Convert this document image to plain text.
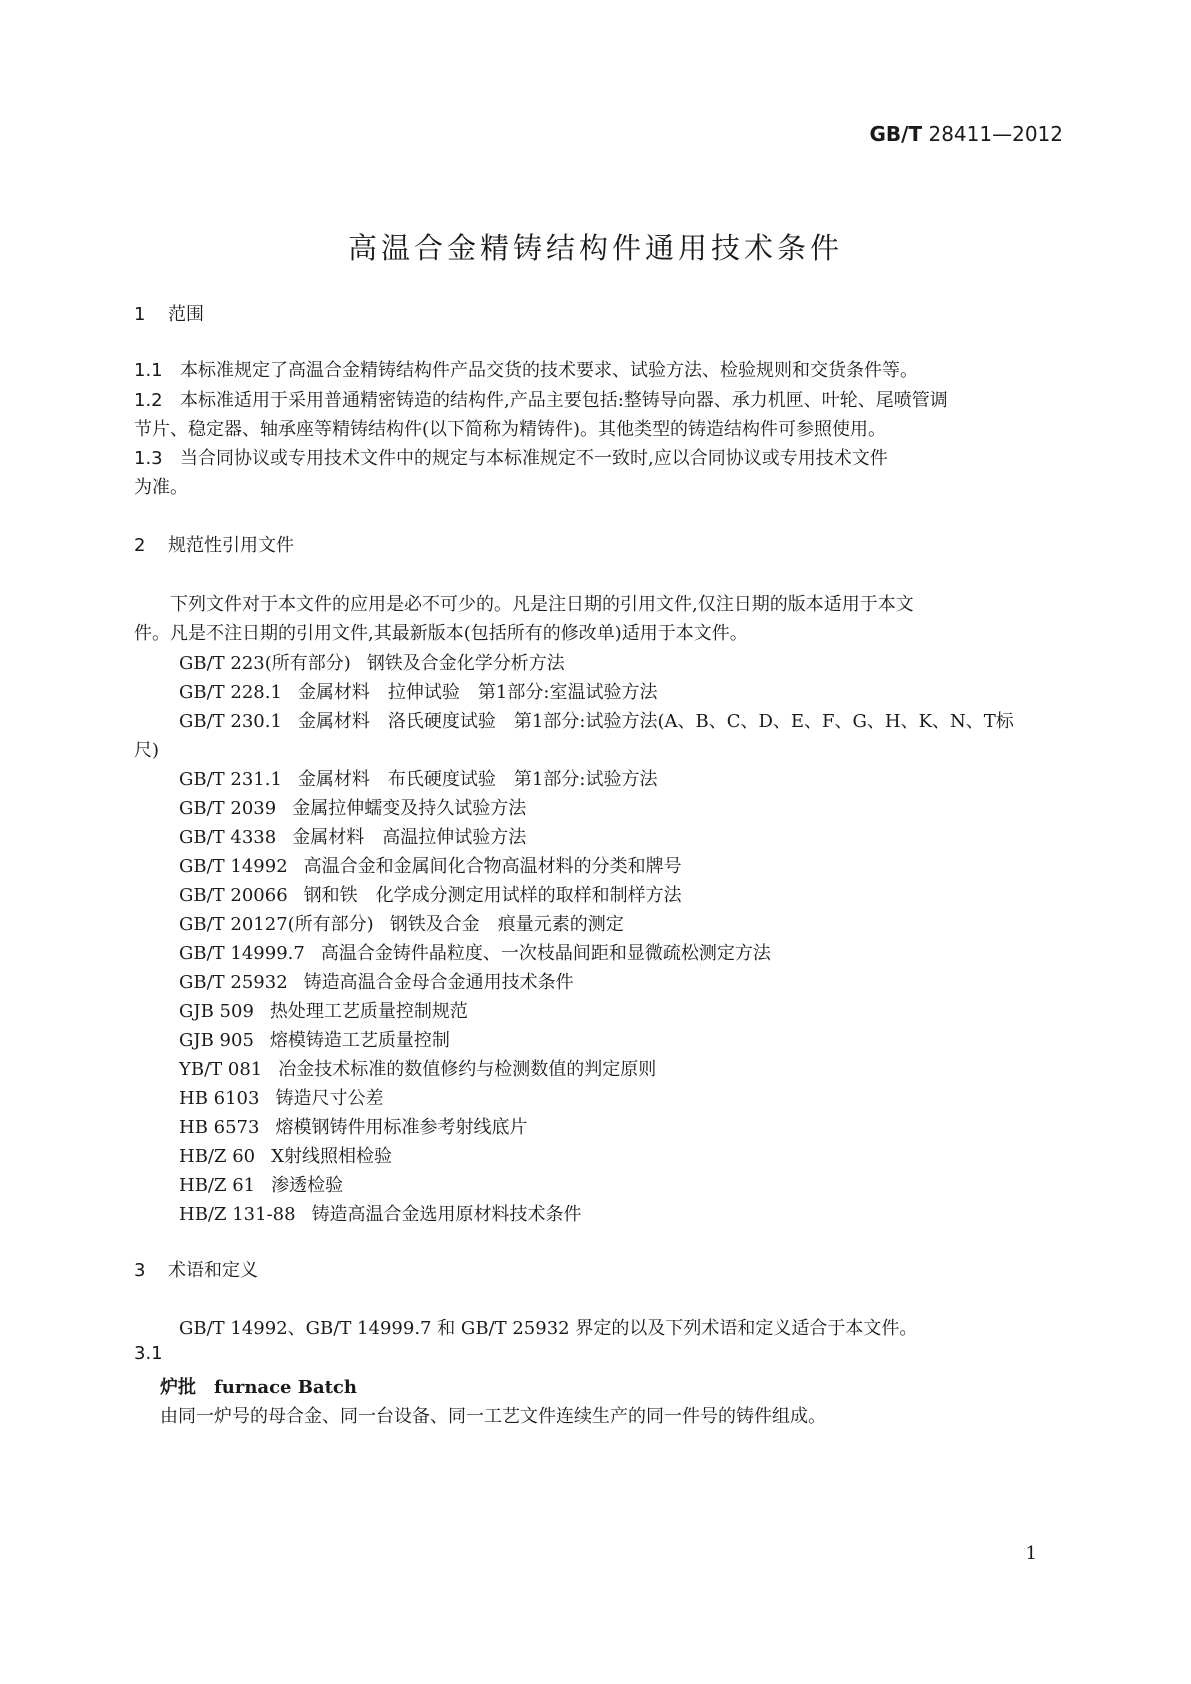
GB/T 28411—2012
高温合金精铸结构件通用技术条件
1 范围
1.1 本标准规定了高温合金精铸结构件产品交货的技术要求、试验方法、检验规则和交货条件等。
1.2 本标准适用于采用普通精密铸造的结构件,产品主要包括:整铸导向器、承力机匣、叶轮、尾喷管调
节片、稳定器、轴承座等精铸结构件(以下简称为精铸件)。其他类型的铸造结构件可参照使用。
1.3 当合同协议或专用技术文件中的规定与本标准规定不一致时,应以合同协议或专用技术文件
为准。
2 规范性引用文件
下列文件对于本文件的应用是必不可少的。凡是注日期的引用文件,仅注日期的版本适用于本文
件。凡是不注日期的引用文件,其最新版本(包括所有的修改单)适用于本文件。
GB/T 223(所有部分) 钢铁及合金化学分析方法
GB/T 228.1 金属材料　拉伸试验　第1部分:室温试验方法
GB/T 230.1 金属材料　洛氏硬度试验　第1部分:试验方法(A、B、C、D、E、F、G、H、K、N、T标
尺)
GB/T 231.1 金属材料　布氏硬度试验　第1部分:试验方法
GB/T 2039 金属拉伸蠕变及持久试验方法
GB/T 4338 金属材料　高温拉伸试验方法
GB/T 14992 高温合金和金属间化合物高温材料的分类和牌号
GB/T 20066 钢和铁　化学成分测定用试样的取样和制样方法
GB/T 20127(所有部分) 钢铁及合金　痕量元素的测定
GB/T 14999.7 高温合金铸件晶粒度、一次枝晶间距和显微疏松测定方法
GB/T 25932 铸造高温合金母合金通用技术条件
GJB 509 热处理工艺质量控制规范
GJB 905 熔模铸造工艺质量控制
YB/T 081 冶金技术标准的数值修约与检测数值的判定原则
HB 6103 铸造尺寸公差
HB 6573 熔模钢铸件用标准参考射线底片
HB/Z 60 X射线照相检验
HB/Z 61 渗透检验
HB/Z 131-88 铸造高温合金选用原材料技术条件
3 术语和定义
GB/T 14992、GB/T 14999.7 和 GB/T 25932 界定的以及下列术语和定义适合于本文件。
3.1
炉批　 furnace Batch
由同一炉号的母合金、同一台设备、同一工艺文件连续生产的同一件号的铸件组成。
1
